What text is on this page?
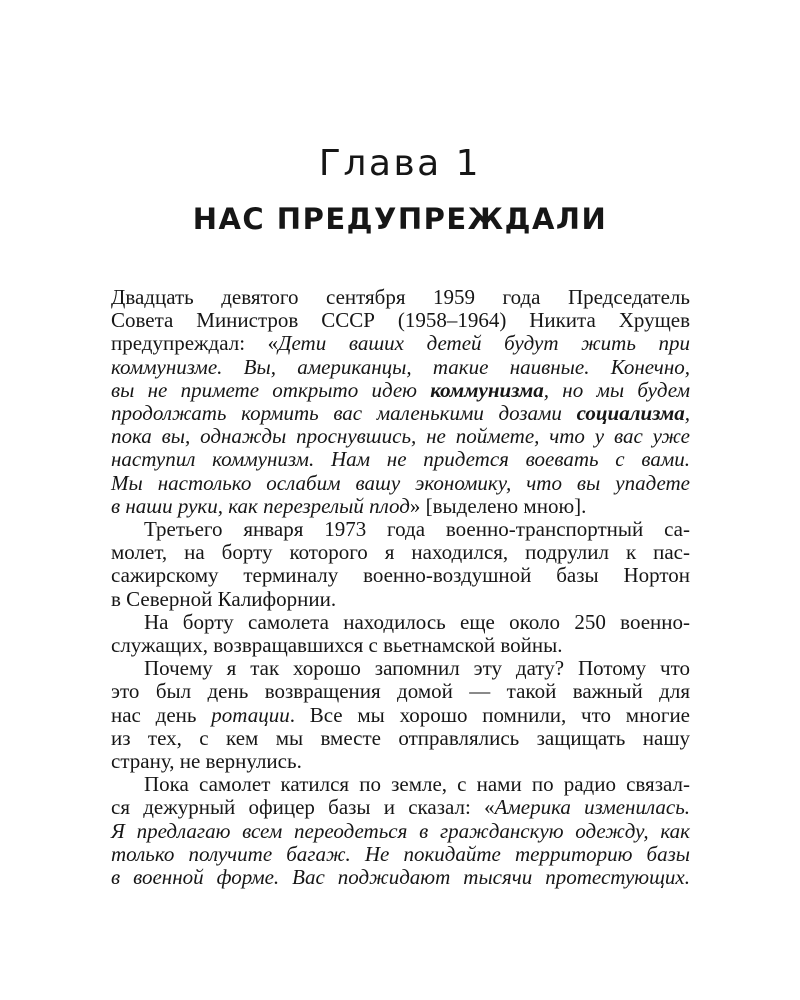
Глава 1
НАС ПРЕДУПРЕЖДАЛИ

Двадцать девятого сентября 1959 года Председатель
Совета Министров СССР (1958–1964) Никита Хрущев
предупреждал: «Дети ваших детей будут жить при
коммунизме. Вы, американцы, такие наивные. Конечно,
вы не примете открыто идею коммунизма, но мы будем
продолжать кормить вас маленькими дозами социализма,
пока вы, однажды проснувшись, не поймете, что у вас уже
наступил коммунизм. Нам не придется воевать с вами.
Мы настолько ослабим вашу экономику, что вы упадете
в наши руки, как перезрелый плод» [выделено мною].

Третьего января 1973 года военно-транспортный са-
молет, на борту которого я находился, подрулил к пас-
сажирскому терминалу военно-воздушной базы Нортон
в Северной Калифорнии.

На борту самолета находилось еще около 250 военно-
служащих, возвращавшихся с вьетнамской войны.

Почему я так хорошо запомнил эту дату? Потому что
это был день возвращения домой — такой важный для
нас день ротации. Все мы хорошо помнили, что многие
из тех, с кем мы вместе отправлялись защищать нашу
страну, не вернулись.

Пока самолет катился по земле, с нами по радио связал-
ся дежурный офицер базы и сказал: «Америка изменилась.
Я предлагаю всем переодеться в гражданскую одежду, как
только получите багаж. Не покидайте территорию базы
в военной форме. Вас поджидают тысячи протестующих.
